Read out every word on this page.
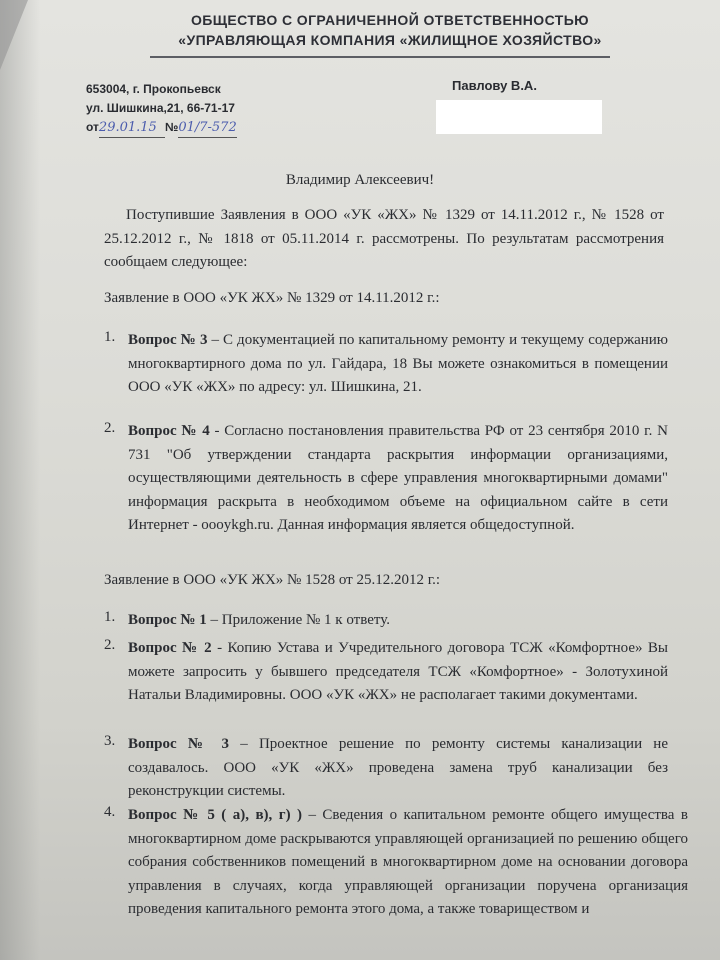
ОБЩЕСТВО С ОГРАНИЧЕННОЙ ОТВЕТСТВЕННОСТЬЮ
«УПРАВЛЯЮЩАЯ КОМПАНИЯ «ЖИЛИЩНОЕ ХОЗЯЙСТВО»
653004, г. Прокопьевск
ул. Шишкина,21, 66-71-17
от 29.01.15 № 01/7-572
Павлову В.А.
Владимир Алексеевич!
Поступившие Заявления в ООО «УК «ЖХ» № 1329 от 14.11.2012 г., № 1528 от 25.12.2012 г., № 1818 от 05.11.2014 г. рассмотрены. По результатам рассмотрения сообщаем следующее:
Заявление в ООО «УК ЖХ» № 1329 от 14.11.2012 г.:
1. Вопрос № 3 – С документацией по капитальному ремонту и текущему содержанию многоквартирного дома по ул. Гайдара, 18 Вы можете ознакомиться в помещении ООО «УК «ЖХ» по адресу: ул. Шишкина, 21.
2. Вопрос № 4 - Согласно постановления правительства РФ от 23 сентября 2010 г. N 731 "Об утверждении стандарта раскрытия информации организациями, осуществляющими деятельность в сфере управления многоквартирными домами" информация раскрыта в необходимом объеме на официальном сайте в сети Интернет - oooykgh.ru. Данная информация является общедоступной.
Заявление в ООО «УК ЖХ» № 1528 от 25.12.2012 г.:
1. Вопрос № 1 – Приложение № 1 к ответу.
2. Вопрос № 2 - Копию Устава и Учредительного договора ТСЖ «Комфортное» Вы можете запросить у бывшего председателя ТСЖ «Комфортное» - Золотухиной Натальи Владимировны. ООО «УК «ЖХ» не располагает такими документами.
3. Вопрос № 3 – Проектное решение по ремонту системы канализации не создавалось. ООО «УК «ЖХ» проведена замена труб канализации без реконструкции системы.
4. Вопрос № 5 ( а), в), г) ) – Сведения о капитальном ремонте общего имущества в многоквартирном доме раскрываются управляющей организацией по решению общего собрания собственников помещений в многоквартирном доме на основании договора управления в случаях, когда управляющей организации поручена организация проведения капитального ремонта этого дома, а также товариществом и
